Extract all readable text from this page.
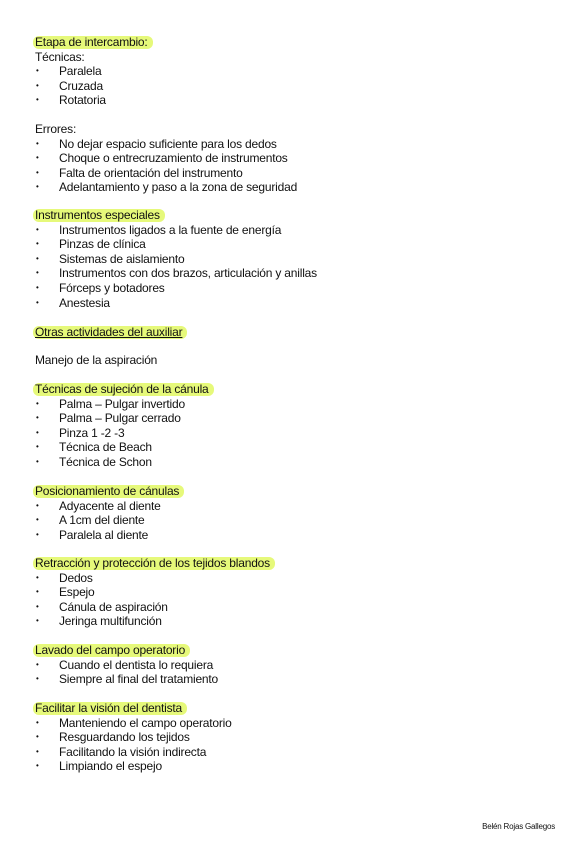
Etapa de intercambio:
Técnicas:
• Paralela
• Cruzada
• Rotatoria
Errores:
• No dejar espacio suficiente para los dedos
• Choque o entrecruzamiento de instrumentos
• Falta de orientación del instrumento
• Adelantamiento y paso a la zona de seguridad
Instrumentos especiales
• Instrumentos ligados a la fuente de energía
• Pinzas de clínica
• Sistemas de aislamiento
• Instrumentos con dos brazos, articulación y anillas
• Fórceps y botadores
• Anestesia
Otras actividades del auxiliar
Manejo de la aspiración
Técnicas de sujeción de la cánula
• Palma – Pulgar invertido
• Palma – Pulgar cerrado
• Pinza 1 -2 -3
• Técnica de Beach
• Técnica de Schon
Posicionamiento de cánulas
• Adyacente al diente
• A 1cm del diente
• Paralela al diente
Retracción y protección de los tejidos blandos
• Dedos
• Espejo
• Cánula de aspiración
• Jeringa multifunción
Lavado del campo operatorio
• Cuando el dentista lo requiera
• Siempre al final del tratamiento
Facilitar la visión del dentista
• Manteniendo el campo operatorio
• Resguardando los tejidos
• Facilitando la visión indirecta
• Limpiando el espejo
Belén Rojas Gallegos
